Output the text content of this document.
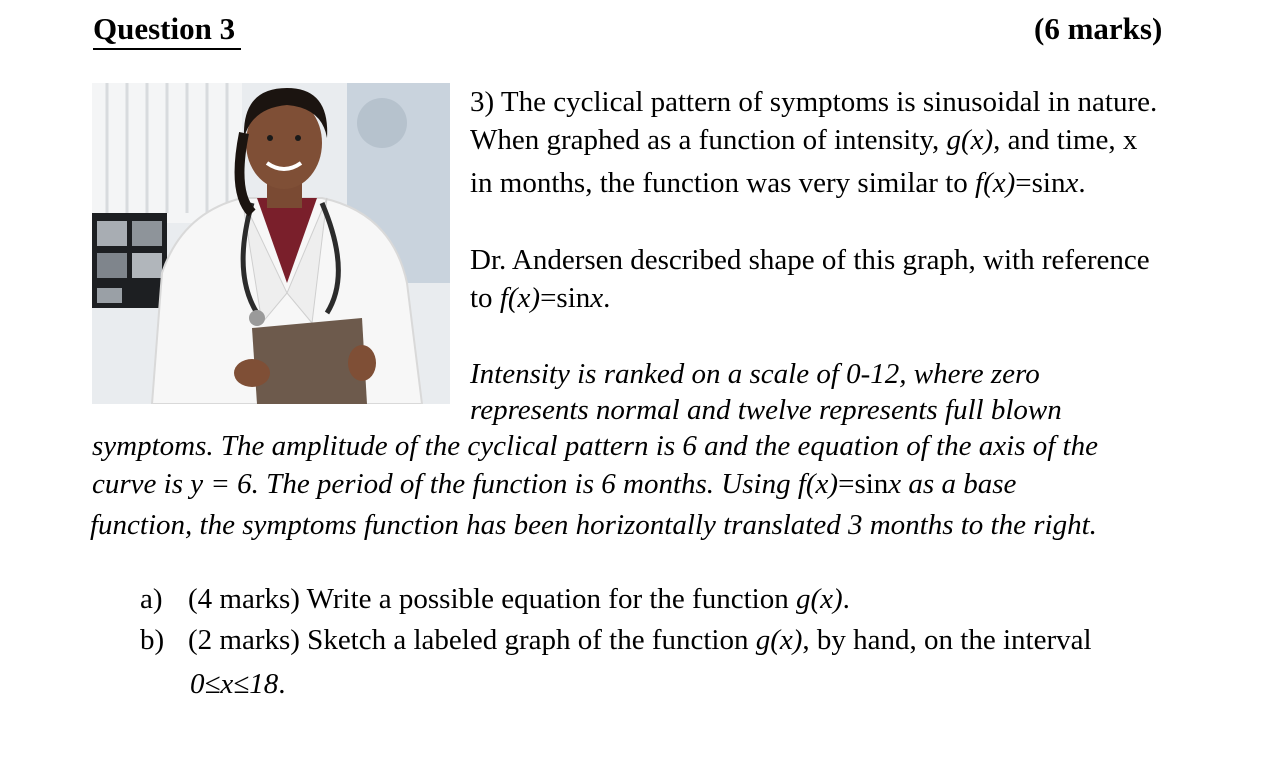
Question 3	(6 marks)
3) The cyclical pattern of symptoms is sinusoidal in nature.
When graphed as a function of intensity, g(x), and time, x
in months, the function was very similar to f(x)=sinx.
Dr. Andersen described shape of this graph, with reference
to f(x)=sinx.
Intensity is ranked on a scale of 0-12, where zero
represents normal and twelve represents full blown
symptoms. The amplitude of the cyclical pattern is 6 and the equation of the axis of the
curve is y = 6. The period of the function is 6 months. Using f(x)=sinx as a base
function, the symptoms function has been horizontally translated 3 months to the right.
a) (4 marks) Write a possible equation for the function g(x).
b) (2 marks) Sketch a labeled graph of the function g(x), by hand, on the interval
0≤x≤18.
